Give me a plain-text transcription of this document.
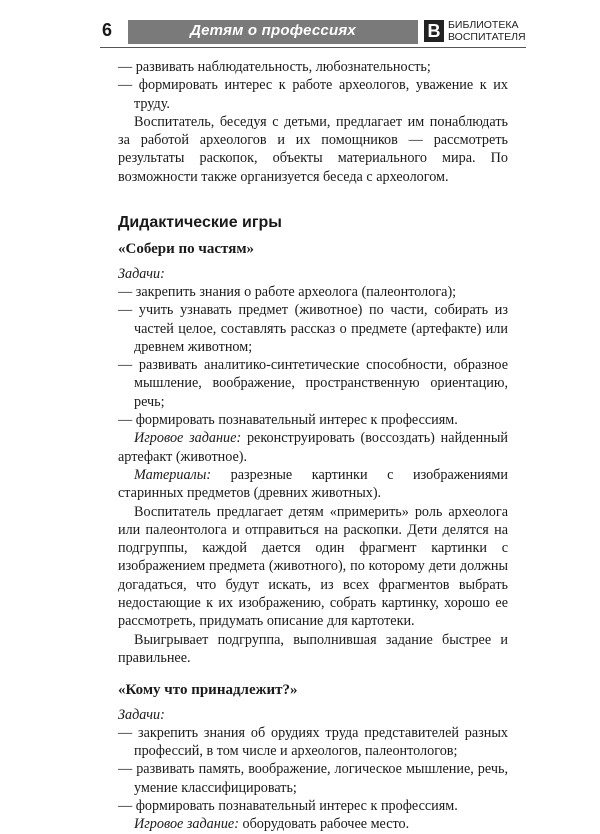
6	Детям о профессиях	B БИБЛИОТЕКА
ВОСПИТАТЕЛЯ

— развивать наблюдательность, любознательность;

— формировать интерес к работе археологов, уважение к их труду.

Воспитатель, беседуя с детьми, предлагает им понаблюдать за работой археологов и их помощников — рассмотреть результаты раскопок, объекты материального мира. По возможности также организуется беседа с археологом.

Дидактические игры
«Собери по частям»

Задачи:

— закрепить знания о работе археолога (палеонтолога);

— учить узнавать предмет (животное) по части, собирать из частей целое, составлять рассказ о предмете (артефакте) или древнем животном;

— развивать аналитико-синтетические способности, образное мышление, воображение, пространственную ориентацию, речь;

— формировать познавательный интерес к профессиям.

Игровое задание: реконструировать (воссоздать) найденный артефакт (животное).

Материалы: разрезные картинки с изображениями старинных предметов (древних животных).

Воспитатель предлагает детям «примерить» роль археолога или палеонтолога и отправиться на раскопки. Дети делятся на подгруппы, каждой дается один фрагмент картинки с изображением предмета (животного), по которому дети должны догадаться, что будут искать, из всех фрагментов выбрать недостающие к их изображению, собрать картинку, хорошо ее рассмотреть, придумать описание для картотеки.

Выигрывает подгруппа, выполнившая задание быстрее и правильнее.

«Кому что принадлежит?»

Задачи:

— закрепить знания об орудиях труда представителей разных профессий, в том числе и археологов, палеонтологов;

— развивать память, воображение, логическое мышление, речь, умение классифицировать;

— формировать познавательный интерес к профессиям.

Игровое задание: оборудовать рабочее место.
